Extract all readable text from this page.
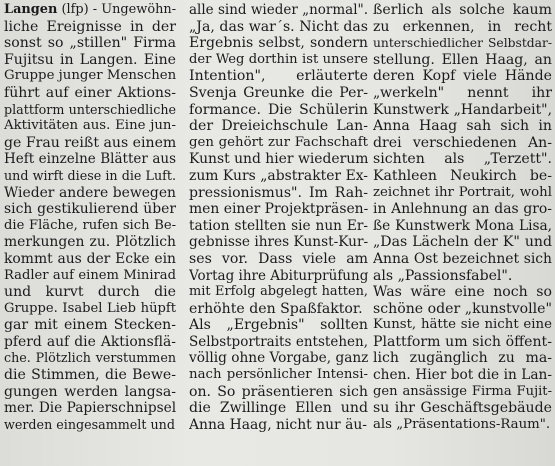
Langen (lfp) - Ungewöhn-
liche Ereignisse in der
sonst so „stillen" Firma
Fujitsu in Langen. Eine
Gruppe junger Menschen
führt auf einer Aktions-
plattform unterschiedliche
Aktivitäten aus. Eine jun-
ge Frau reißt aus einem
Heft einzelne Blätter aus
und wirft diese in die Luft.
Wieder andere bewegen
sich gestikulierend über
die Fläche, rufen sich Be-
merkungen zu. Plötzlich
kommt aus der Ecke ein
Radler auf einem Minirad
und kurvt durch die
Gruppe. Isabel Lieb hüpft
gar mit einem Stecken-
pferd auf die Aktionsflä-
che. Plötzlich verstummen
die Stimmen, die Bewe-
gungen werden langsa-
mer. Die Papierschnipsel
werden eingesammelt und
alle sind wieder „normal".
„Ja, das war´s. Nicht das
Ergebnis selbst, sondern
der Weg dorthin ist unsere
Intention", erläuterte
Svenja Greunke die Per-
formance. Die Schülerin
der Dreieichschule Lan-
gen gehört zur Fachschaft
Kunst und hier wiederum
zum Kurs „abstrakter Ex-
pressionismus". Im Rah-
men einer Projektpräsen-
tation stellten sie nun Er-
gebnisse ihres Kunst-Kur-
ses vor. Dass viele am
Vortag ihre Abiturprüfung
mit Erfolg abgelegt hatten,
erhöhte den Spaßfaktor.
Als „Ergebnis" sollten
Selbstportraits entstehen,
völlig ohne Vorgabe, ganz
nach persönlicher Intensi-
on. So präsentieren sich
die Zwillinge Ellen und
Anna Haag, nicht nur äu-
ßerlich als solche kaum
zu erkennen, in recht
unterschiedlicher Selbstdar-
stellung. Ellen Haag, an
deren Kopf viele Hände
„werkeln" nennt ihr
Kunstwerk „Handarbeit",
Anna Haag sah sich in
drei verschiedenen An-
sichten als „Terzett".
Kathleen Neukirch be-
zeichnet ihr Portrait, wohl
in Anlehnung an das gro-
ße Kunstwerk Mona Lisa,
„Das Lächeln der K" und
Anna Ost bezeichnet sich
als „Passionsfabel".
Was wäre eine noch so
schöne oder „kunstvolle"
Kunst, hätte sie nicht eine
Plattform um sich öffent-
lich zugänglich zu ma-
chen. Hier bot die in Lan-
gen ansässige Firma Fujit-
su ihr Geschäftsgebäude
als „Präsentations-Raum".
